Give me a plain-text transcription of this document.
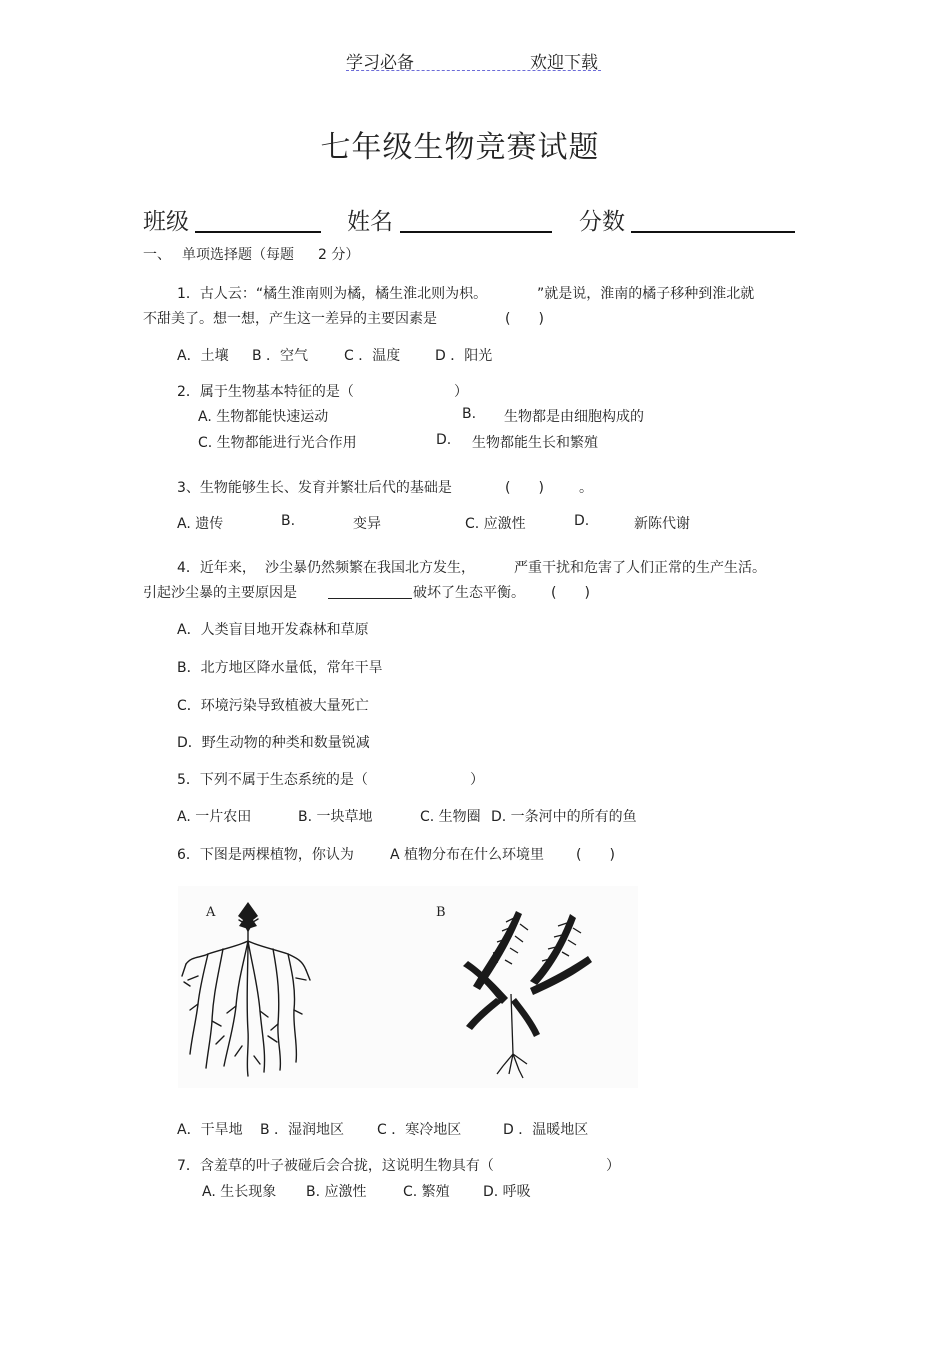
学习必备	欢迎下载
七年级生物竞赛试题
班级	姓名	分数
一、 单项选择题（每题 2 分）
1．古人云：“橘生淮南则为橘，橘生淮北则为枳。	”就是说，淮南的橘子移种到淮北就
不甜美了。想一想，产生这一差异的主要因素是	(　　)
A．土壤 B ．空气	C ．温度 D ．阳光
2．属于生物基本特征的是（	）
A. 生物都能快速运动	B. 生物都是由细胞构成的
C. 生物都能进行光合作用	D. 生物都能生长和繁殖
3、生物能够生长、发育并繁壮后代的基础是	(　　)	。
A. 遗传	B.	变异	C. 应激性	D.	新陈代谢
4．近年来， 沙尘暴仍然频繁在我国北方发生，	严重干扰和危害了人们正常的生产生活。
引起沙尘暴的主要原因是	破坏了生态平衡。 (　　)
A．人类盲目地开发森林和草原
B．北方地区降水量低，常年干旱
C．环境污染导致植被大量死亡
D．野生动物的种类和数量锐减
5．下列不属于生态系统的是（	）
A. 一片农田	B. 一块草地	C. 生物圈 D. 一条河中的所有的鱼
6．下图是两棵植物，你认为	A 植物分布在什么环境里 (　　)
A	B
A．干旱地 B ．湿润地区 C ．寒冷地区	D ．温暖地区
7．含羞草的叶子被碰后会合拢，这说明生物具有（	）
A. 生长现象 B. 应激性	C. 繁殖 D. 呼吸
